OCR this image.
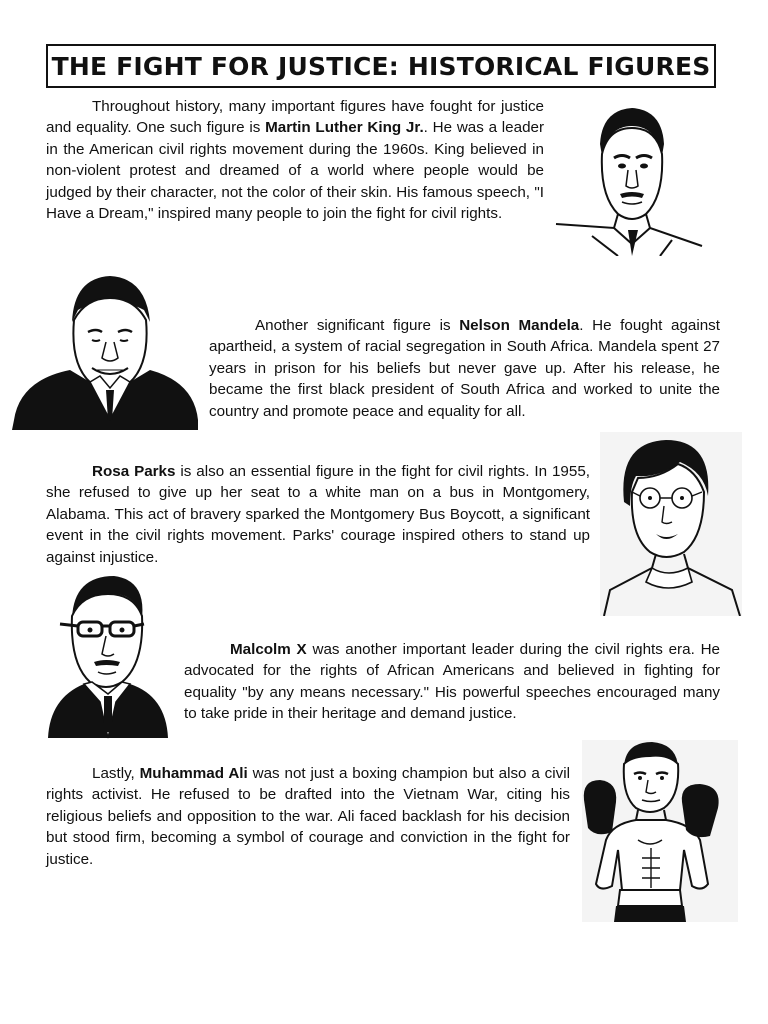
THE FIGHT FOR JUSTICE: HISTORICAL FIGURES

Throughout history, many important figures have fought for justice and equality. One such figure is Martin Luther King Jr.. He was a leader in the American civil rights movement during the 1960s. King believed in non-violent protest and dreamed of a world where people would be judged by their character, not the color of their skin. His famous speech, "I Have a Dream," inspired many people to join the fight for civil rights.

Another significant figure is Nelson Mandela. He fought against apartheid, a system of racial segregation in South Africa. Mandela spent 27 years in prison for his beliefs but never gave up. After his release, he became the first black president of South Africa and worked to unite the country and promote peace and equality for all.

Rosa Parks is also an essential figure in the fight for civil rights. In 1955, she refused to give up her seat to a white man on a bus in Montgomery, Alabama. This act of bravery sparked the Montgomery Bus Boycott, a significant event in the civil rights movement. Parks' courage inspired others to stand up against injustice.

Malcolm X was another important leader during the civil rights era. He advocated for the rights of African Americans and believed in fighting for equality "by any means necessary." His powerful speeches encouraged many to take pride in their heritage and demand justice.

Lastly, Muhammad Ali was not just a boxing champion but also a civil rights activist. He refused to be drafted into the Vietnam War, citing his religious beliefs and opposition to the war. Ali faced backlash for his decision but stood firm, becoming a symbol of courage and conviction in the fight for justice.
